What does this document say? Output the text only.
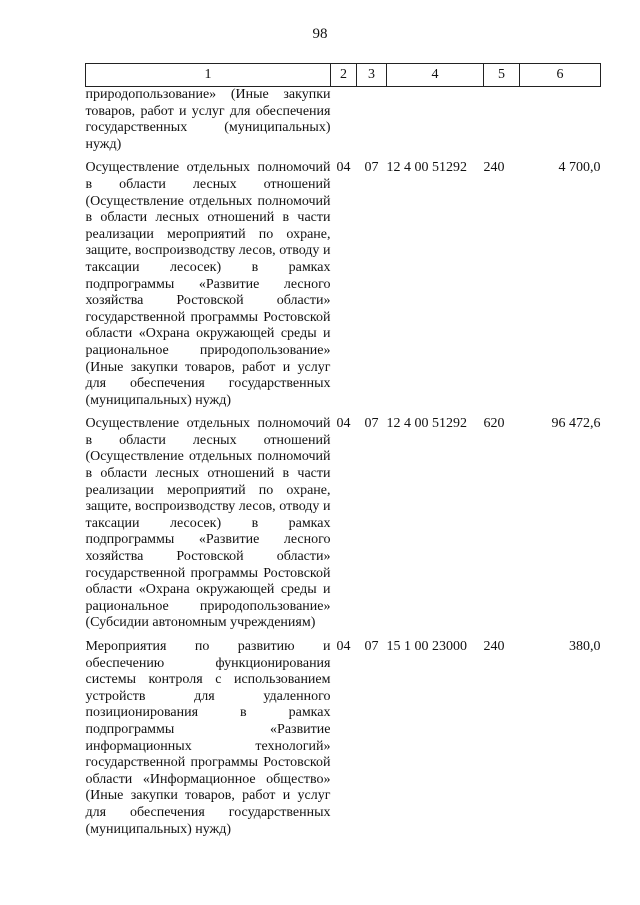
98
1	2	3	4	5	6
природопользование» (Иные закупки товаров, работ и услуг для обеспечения государственных (муниципальных) нужд)					
Осуществление отдельных полномочий в области лесных отношений (Осуществление отдельных полномочий в области лесных отношений в части реализации мероприятий по охране, защите, воспроизводству лесов, отводу и таксации лесосек) в рамках подпрограммы «Развитие лесного хозяйства Ростовской области» государственной программы Ростовской области «Охрана окружающей среды и рациональное природопользование» (Иные закупки товаров, работ и услуг для обеспечения государственных (муниципальных) нужд)	04	07	12 4 00 51292	240	4 700,0
Осуществление отдельных полномочий в области лесных отношений (Осуществление отдельных полномочий в области лесных отношений в части реализации мероприятий по охране, защите, воспроизводству лесов, отводу и таксации лесосек) в рамках подпрограммы «Развитие лесного хозяйства Ростовской области» государственной программы Ростовской области «Охрана окружающей среды и рациональное природопользование» (Субсидии автономным учреждениям)	04	07	12 4 00 51292	620	96 472,6
Мероприятия по развитию и обеспечению функционирования системы контроля с использованием устройств для удаленного позиционирования в рамках подпрограммы «Развитие информационных технологий» государственной программы Ростовской области «Информационное общество» (Иные закупки товаров, работ и услуг для обеспечения государственных (муниципальных) нужд)	04	07	15 1 00 23000	240	380,0
